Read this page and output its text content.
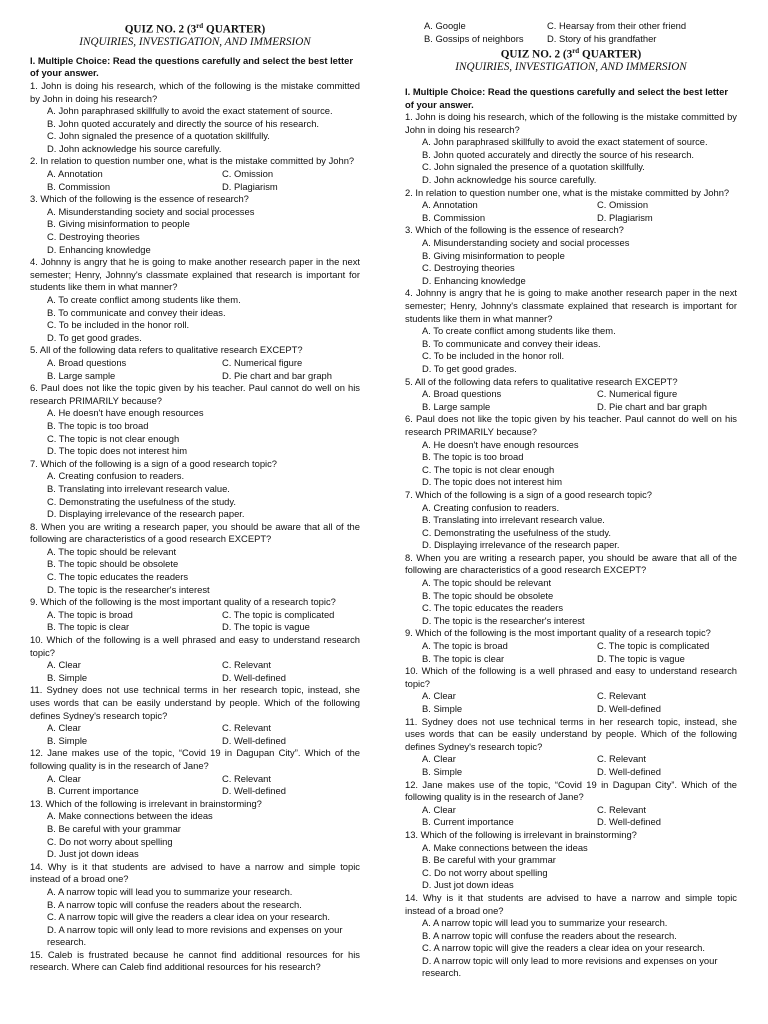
QUIZ NO. 2 (3rd QUARTER)
INQUIRIES, INVESTIGATION, AND IMMERSION
I. Multiple Choice: Read the questions carefully and select the best letter of your answer.
1. John is doing his research, which of the following is the mistake committed by John in doing his research?
A. John paraphrased skillfully to avoid the exact statement of source.
B. John quoted accurately and directly the source of his research.
C. John signaled the presence of a quotation skillfully.
D. John acknowledge his source carefully.
2. In relation to question number one, what is the mistake committed by John?
A. Annotation	C. Omission
B. Commission	D. Plagiarism
3. Which of the following is the essence of research?
A. Misunderstanding society and social processes
B. Giving misinformation to people
C. Destroying theories
D. Enhancing knowledge
4. Johnny is angry that he is going to make another research paper in the next semester; Henry, Johnny's classmate explained that research is important for students like them in what manner?
A. To create conflict among students like them.
B. To communicate and convey their ideas.
C. To be included in the honor roll.
D. To get good grades.
5. All of the following data refers to qualitative research EXCEPT?
A. Broad questions	C. Numerical figure
B. Large sample	D. Pie chart and bar graph
6. Paul does not like the topic given by his teacher. Paul cannot do well on his research PRIMARILY because?
A. He doesn't have enough resources
B. The topic is too broad
C. The topic is not clear enough
D. The topic does not interest him
7. Which of the following is a sign of a good research topic?
A. Creating confusion to readers.
B. Translating into irrelevant research value.
C. Demonstrating the usefulness of the study.
D. Displaying irrelevance of the research paper.
8. When you are writing a research paper, you should be aware that all of the following are characteristics of a good research EXCEPT?
A. The topic should be relevant
B. The topic should be obsolete
C. The topic educates the readers
D. The topic is the researcher's interest
9. Which of the following is the most important quality of a research topic?
A. The topic is broad	C. The topic is complicated
B. The topic is clear	D. The topic is vague
10. Which of the following is a well phrased and easy to understand research topic?
A. Clear	C. Relevant
B. Simple	D. Well-defined
11. Sydney does not use technical terms in her research topic, instead, she uses words that can be easily understand by people. Which of the following defines Sydney's research topic?
A. Clear	C. Relevant
B. Simple	D. Well-defined
12. Jane makes use of the topic, “Covid 19 in Dagupan City”. Which of the following quality is in the research of Jane?
A. Clear	C. Relevant
B. Current importance	D. Well-defined
13. Which of the following is irrelevant in brainstorming?
A. Make connections between the ideas
B. Be careful with your grammar
C. Do not worry about spelling
D. Just jot down ideas
14. Why is it that students are advised to have a narrow and simple topic instead of a broad one?
A. A narrow topic will lead you to summarize your research.
B. A narrow topic will confuse the readers about the research.
C. A narrow topic will give the readers a clear idea on your research.
D. A narrow topic will only lead to more revisions and expenses on your research.
15. Caleb is frustrated because he cannot find additional resources for his research. Where can Caleb find additional resources for his research?
A. Google	C. Hearsay from their other friend
B. Gossips of neighbors	D. Story of his grandfather
QUIZ NO. 2 (3rd QUARTER)
INQUIRIES, INVESTIGATION, AND IMMERSION
I. Multiple Choice: Read the questions carefully and select the best letter of your answer.
1. John is doing his research, which of the following is the mistake committed by John in doing his research?
A. John paraphrased skillfully to avoid the exact statement of source.
B. John quoted accurately and directly the source of his research.
C. John signaled the presence of a quotation skillfully.
D. John acknowledge his source carefully.
2. In relation to question number one, what is the mistake committed by John?
A. Annotation	C. Omission
B. Commission	D. Plagiarism
3. Which of the following is the essence of research?
A. Misunderstanding society and social processes
B. Giving misinformation to people
C. Destroying theories
D. Enhancing knowledge
4. Johnny is angry that he is going to make another research paper in the next semester; Henry, Johnny's classmate explained that research is important for students like them in what manner?
A. To create conflict among students like them.
B. To communicate and convey their ideas.
C. To be included in the honor roll.
D. To get good grades.
5. All of the following data refers to qualitative research EXCEPT?
A. Broad questions	C. Numerical figure
B. Large sample	D. Pie chart and bar graph
6. Paul does not like the topic given by his teacher. Paul cannot do well on his research PRIMARILY because?
A. He doesn't have enough resources
B. The topic is too broad
C. The topic is not clear enough
D. The topic does not interest him
7. Which of the following is a sign of a good research topic?
A. Creating confusion to readers.
B. Translating into irrelevant research value.
C. Demonstrating the usefulness of the study.
D. Displaying irrelevance of the research paper.
8. When you are writing a research paper, you should be aware that all of the following are characteristics of a good research EXCEPT?
A. The topic should be relevant
B. The topic should be obsolete
C. The topic educates the readers
D. The topic is the researcher's interest
9. Which of the following is the most important quality of a research topic?
A. The topic is broad	C. The topic is complicated
B. The topic is clear	D. The topic is vague
10. Which of the following is a well phrased and easy to understand research topic?
A. Clear	C. Relevant
B. Simple	D. Well-defined
11. Sydney does not use technical terms in her research topic, instead, she uses words that can be easily understand by people. Which of the following defines Sydney's research topic?
A. Clear	C. Relevant
B. Simple	D. Well-defined
12. Jane makes use of the topic, “Covid 19 in Dagupan City”. Which of the following quality is in the research of Jane?
A. Clear	C. Relevant
B. Current importance	D. Well-defined
13. Which of the following is irrelevant in brainstorming?
A. Make connections between the ideas
B. Be careful with your grammar
C. Do not worry about spelling
D. Just jot down ideas
14. Why is it that students are advised to have a narrow and simple topic instead of a broad one?
A. A narrow topic will lead you to summarize your research.
B. A narrow topic will confuse the readers about the research.
C. A narrow topic will give the readers a clear idea on your research.
D. A narrow topic will only lead to more revisions and expenses on your research.
